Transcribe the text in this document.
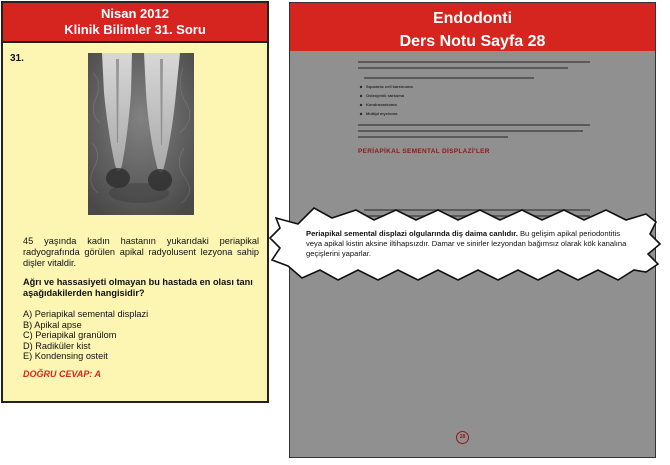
Nisan 2012
Klinik Bilimler 31. Soru
31.
45 yaşında kadın hastanın yukarıdaki periapikal radyografında görülen apikal radyolusent lezyona sahip dişler vitaldir.
Ağrı ve hassasiyeti olmayan bu hastada en olası tanı aşağıdakilerden hangisidir?
A) Periapikal semental displazi
B) Apikal apse
C) Periapikal granülom
D) Radiküler kist
E) Kondensing osteit
DOĞRU CEVAP: A
Endodonti
Ders Notu Sayfa 28
Squamöz cell karsinoma
Osteojenik sarkoma
Kondrosarkoma
Multipl myeloma
PERİAPİKAL SEMENTAL DİSPLAZİ'LER
28
Periapikal semental displazi olgularında diş daima canlıdır. Bu gelişim apikal periodontitis veya apikal kistin aksine iltihapsızdır. Damar ve sinirler lezyondan bağımsız olarak kök kanalına geçişlerini yaparlar.
